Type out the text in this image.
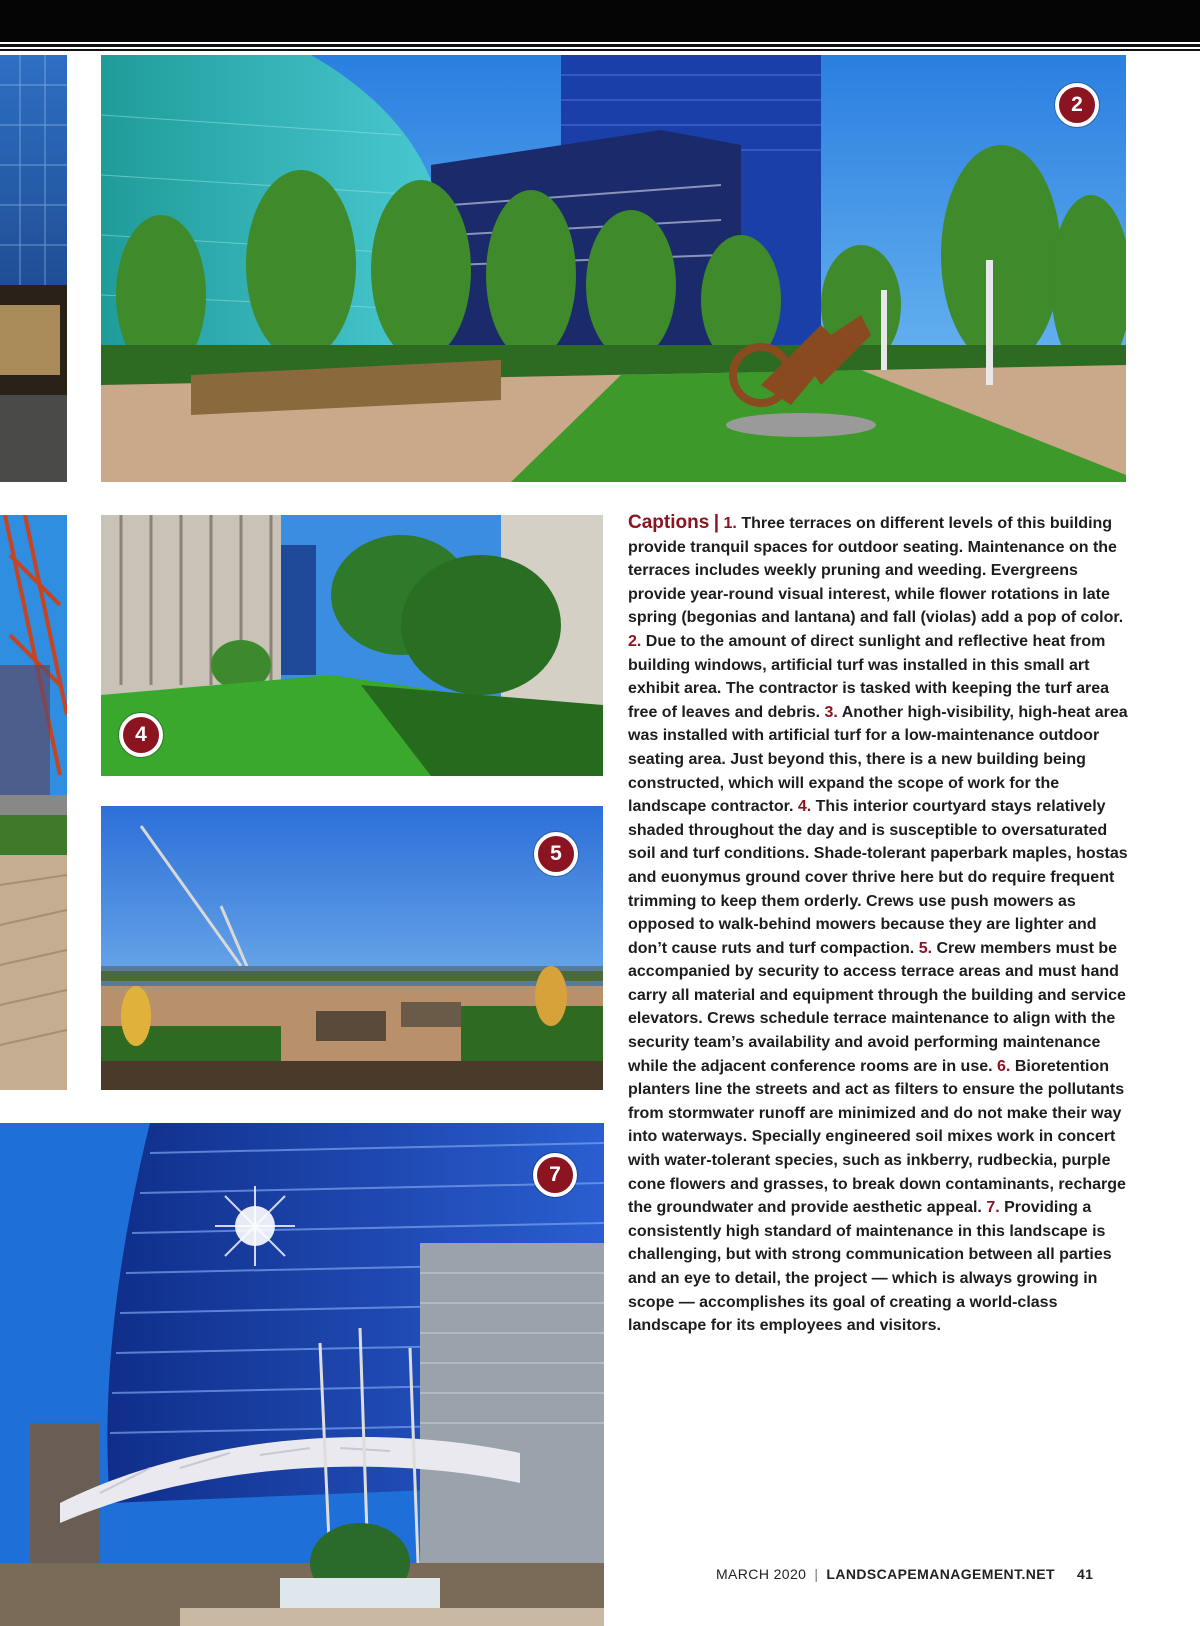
2
4
5
7
Captions | 1. Three terraces on different levels of this building provide tranquil spaces for outdoor seating. Maintenance on the terraces includes weekly pruning and weeding. Evergreens provide year-round visual interest, while flower rotations in late spring (begonias and lantana) and fall (violas) add a pop of color. 2. Due to the amount of direct sunlight and reflective heat from building windows, artificial turf was installed in this small art exhibit area. The contractor is tasked with keeping the turf area free of leaves and debris. 3. Another high-visibility, high-heat area was installed with artificial turf for a low-maintenance outdoor seating area. Just beyond this, there is a new building being constructed, which will expand the scope of work for the landscape contractor. 4. This interior courtyard stays relatively shaded throughout the day and is susceptible to oversaturated soil and turf conditions. Shade-tolerant paperbark maples, hostas and euonymus ground cover thrive here but do require frequent trimming to keep them orderly. Crews use push mowers as opposed to walk-behind mowers because they are lighter and don’t cause ruts and turf compaction. 5. Crew members must be accompanied by security to access terrace areas and must hand carry all material and equipment through the building and service elevators. Crews schedule terrace maintenance to align with the security team’s availability and avoid performing maintenance while the adjacent conference rooms are in use. 6. Bioretention planters line the streets and act as filters to ensure the pollutants from stormwater runoff are minimized and do not make their way into waterways. Specially engineered soil mixes work in concert with water-tolerant species, such as inkberry, rudbeckia, purple cone flowers and grasses, to break down contaminants, recharge the groundwater and provide aesthetic appeal. 7. Providing a consistently high standard of maintenance in this landscape is challenging, but with strong communication between all parties and an eye to detail, the project — which is always growing in scope — accomplishes its goal of creating a world-class landscape for its employees and visitors.
MARCH 2020 | LANDSCAPEMANAGEMENT.NET 41
